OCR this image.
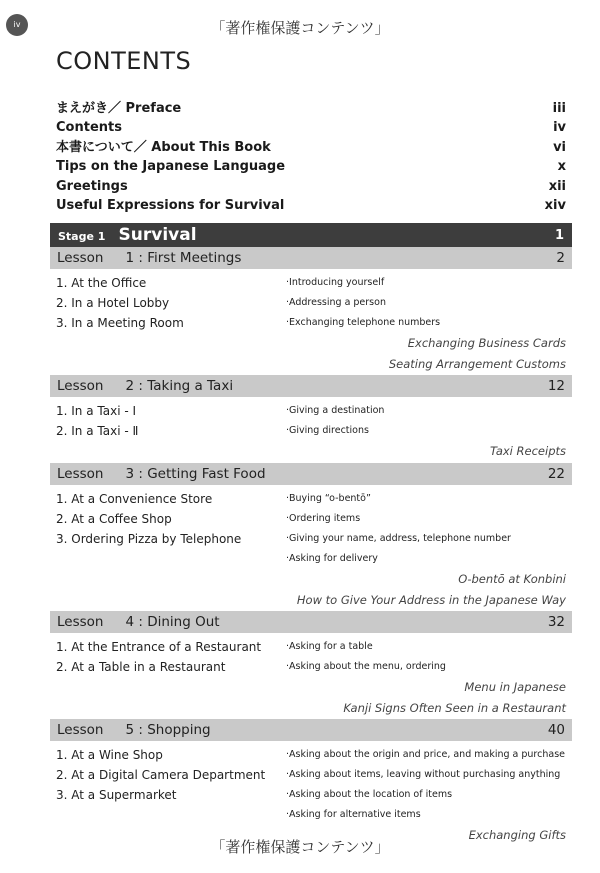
iv	「著作権保護コンテンツ」
CONTENTS
まえがき／ Preface	iii
Contents	iv
本書について／ About This Book	vi
Tips on the Japanese Language	x
Greetings	xii
Useful Expressions for Survival	xiv
Stage 1 Survival	1
Lesson 1 : First Meetings	2
1. At the Office
2. In a Hotel Lobby
3. In a Meeting Room
·Introducing yourself
·Addressing a person
·Exchanging telephone numbers
Exchanging Business Cards
Seating Arrangement Customs
Lesson 2 : Taking a Taxi	12
1. In a Taxi - Ⅰ
2. In a Taxi - Ⅱ
·Giving a destination
·Giving directions
Taxi Receipts
Lesson 3 : Getting Fast Food	22
1. At a Convenience Store
2. At a Coffee Shop
3. Ordering Pizza by Telephone
·Buying “o-bentō”
·Ordering items
·Giving your name, address, telephone number
·Asking for delivery
O-bentō at Konbini
How to Give Your Address in the Japanese Way
Lesson 4 : Dining Out	32
1. At the Entrance of a Restaurant
2. At a Table in a Restaurant
·Asking for a table
·Asking about the menu, ordering
Menu in Japanese
Kanji Signs Often Seen in a Restaurant
Lesson 5 : Shopping	40
1. At a Wine Shop
2. At a Digital Camera Department
3. At a Supermarket
·Asking about the origin and price, and making a purchase
·Asking about items, leaving without purchasing anything
·Asking about the location of items
·Asking for alternative items
Exchanging Gifts
「著作権保護コンテンツ」
